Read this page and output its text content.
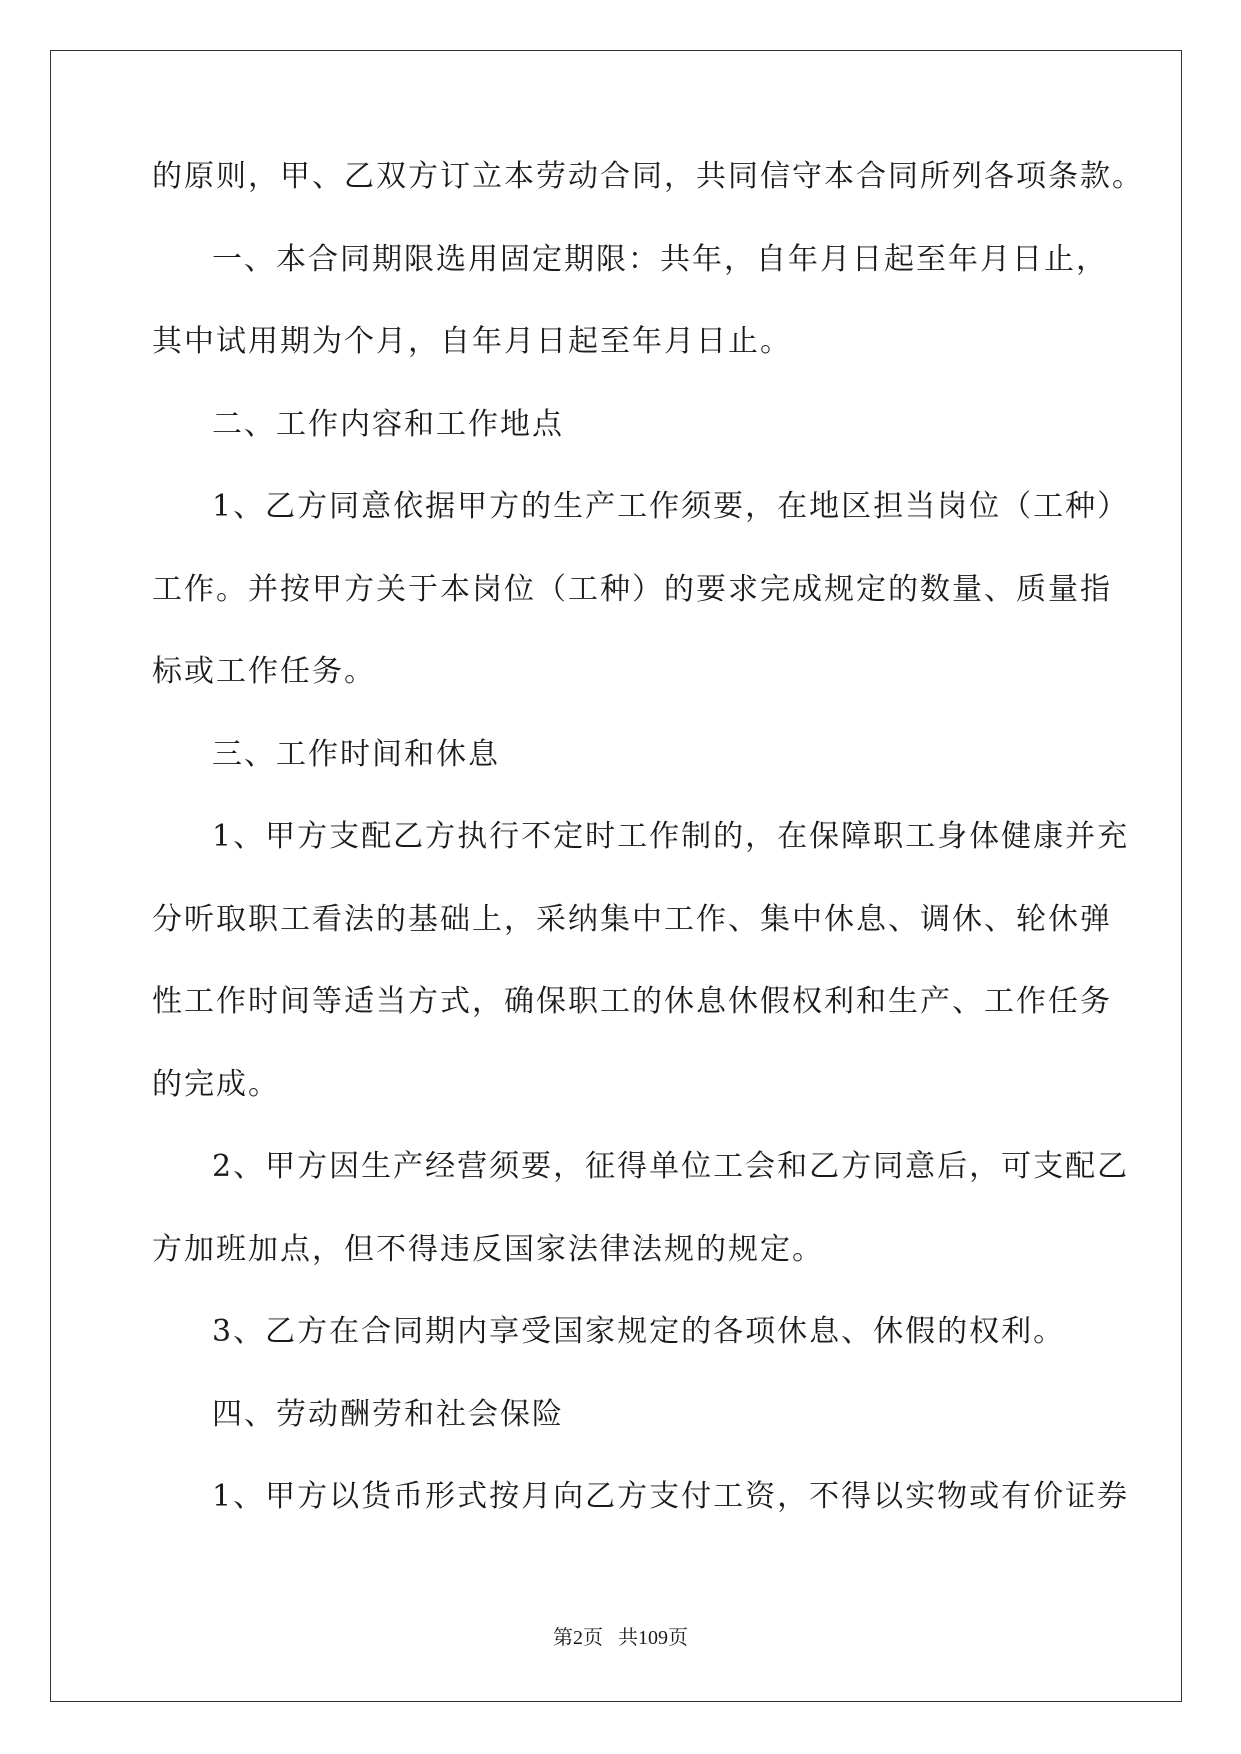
的原则，甲、乙双方订立本劳动合同，共同信守本合同所列各项条款。
一、本合同期限选用固定期限：共年，自年月日起至年月日止，
其中试用期为个月，自年月日起至年月日止。
二、工作内容和工作地点
1、乙方同意依据甲方的生产工作须要，在地区担当岗位（工种）
工作。并按甲方关于本岗位（工种）的要求完成规定的数量、质量指
标或工作任务。
三、工作时间和休息
1、甲方支配乙方执行不定时工作制的，在保障职工身体健康并充
分听取职工看法的基础上，采纳集中工作、集中休息、调休、轮休弹
性工作时间等适当方式，确保职工的休息休假权利和生产、工作任务
的完成。
2、甲方因生产经营须要，征得单位工会和乙方同意后，可支配乙
方加班加点，但不得违反国家法律法规的规定。
3、乙方在合同期内享受国家规定的各项休息、休假的权利。
四、劳动酬劳和社会保险
1、甲方以货币形式按月向乙方支付工资，不得以实物或有价证券
第2页 共109页
